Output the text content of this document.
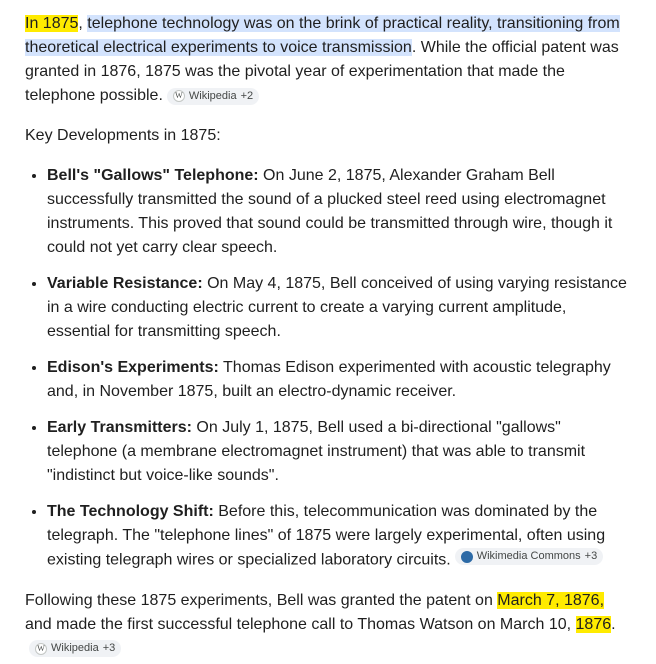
In 1875, telephone technology was on the brink of practical reality, transitioning from theoretical electrical experiments to voice transmission. While the official patent was granted in 1876, 1875 was the pivotal year of experimentation that made the telephone possible. W Wikipedia +2

Key Developments in 1875:

• Bell's "Gallows" Telephone: On June 2, 1875, Alexander Graham Bell successfully transmitted the sound of a plucked steel reed using electromagnet instruments. This proved that sound could be transmitted through wire, though it could not yet carry clear speech.
• Variable Resistance: On May 4, 1875, Bell conceived of using varying resistance in a wire conducting electric current to create a varying current amplitude, essential for transmitting speech.
• Edison's Experiments: Thomas Edison experimented with acoustic telegraphy and, in November 1875, built an electro-dynamic receiver.
• Early Transmitters: On July 1, 1875, Bell used a bi-directional "gallows" telephone (a membrane electromagnet instrument) that was able to transmit "indistinct but voice-like sounds".
• The Technology Shift: Before this, telecommunication was dominated by the telegraph. The "telephone lines" of 1875 were largely experimental, often using existing telegraph wires or specialized laboratory circuits. Wikimedia Commons +3

Following these 1875 experiments, Bell was granted the patent on March 7, 1876, and made the first successful telephone call to Thomas Watson on March 10, 1876.
W Wikipedia +3
